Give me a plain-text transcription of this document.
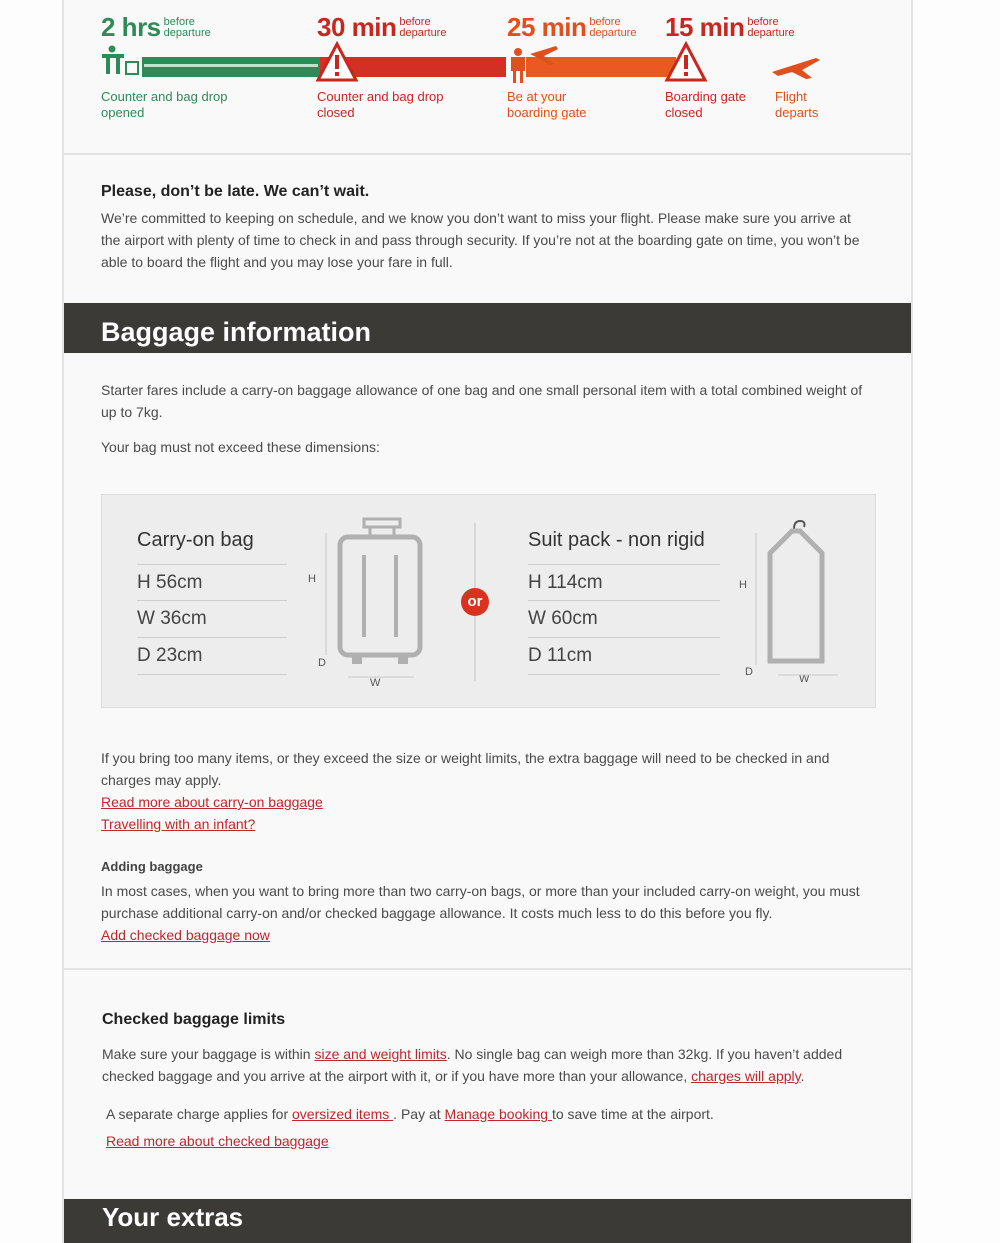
2 hrs before departure	30 min before departure	25 min before departure	15 min before departure
Counter and bag drop opened
Counter and bag drop closed
Be at your boarding gate
Boarding gate closed
Flight departs
Please, don’t be late. We can’t wait.
We’re committed to keeping on schedule, and we know you don’t want to miss your flight. Please make sure you arrive at the airport with plenty of time to check in and pass through security. If you’re not at the boarding gate on time, you won’t be able to board the flight and you may lose your fare in full.
Baggage information
Starter fares include a carry-on baggage allowance of one bag and one small personal item with a total combined weight of up to 7kg.
Your bag must not exceed these dimensions:
Carry-on bag
H 56cm
W 36cm
D 23cm
H
D
W
or
Suit pack - non rigid
H 114cm
W 60cm
D 11cm
H
D
W
If you bring too many items, or they exceed the size or weight limits, the extra baggage will need to be checked in and charges may apply.
Read more about carry-on baggage
Travelling with an infant?
Adding baggage
In most cases, when you want to bring more than two carry-on bags, or more than your included carry-on weight, you must purchase additional carry-on and/or checked baggage allowance. It costs much less to do this before you fly.
Add checked baggage now
Checked baggage limits
Make sure your baggage is within size and weight limits. No single bag can weigh more than 32kg. If you haven’t added checked baggage and you arrive at the airport with it, or if you have more than your allowance, charges will apply.
A separate charge applies for oversized items . Pay at Manage booking to save time at the airport.
Read more about checked baggage
Your extras
